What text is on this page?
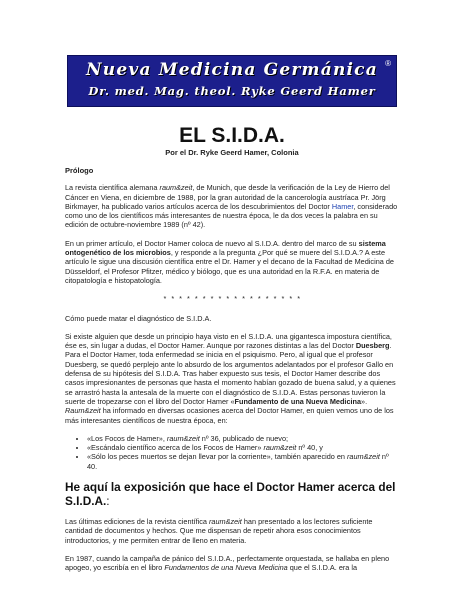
®
Nueva Medicina Germánica
Dr. med. Mag. theol. Ryke Geerd Hamer
EL S.I.D.A.
Por el Dr. Ryke Geerd Hamer, Colonia
Prólogo

La revista científica alemana raum&zeit, de Munich, que desde la verificación de la Ley de Hierro del Cáncer en Viena, en diciembre de 1988, por la gran autoridad de la cancerología austríaca Pr. Jörg Birkmayer, ha publicado varios artículos acerca de los descubrimientos del Doctor Hamer, considerado como uno de los científicos más interesantes de nuestra época, le da dos veces la palabra en su edición de octubre-noviembre 1989 (nº 42).

En un primer artículo, el Doctor Hamer coloca de nuevo al S.I.D.A. dentro del marco de su sistema ontogenético de los microbios, y responde a la pregunta ¿Por qué se muere del S.I.D.A.? A este artículo le sigue una discusión científica entre el Dr. Hamer y el decano de la Facultad de Medicina de Düsseldorf, el Profesor Pfitzer, médico y biólogo, que es una autoridad en la R.F.A. en materia de citopatología e histopatología.

* * * * * * * * * * * * * * * * * *

Cómo puede matar el diagnóstico de S.I.D.A.

Si existe alguien que desde un principio haya visto en el S.I.D.A. una gigantesca impostura científica, ése es, sin lugar a dudas, el Doctor Hamer. Aunque por razones distintas a las del Doctor Duesberg. Para el Doctor Hamer, toda enfermedad se inicia en el psiquismo. Pero, al igual que el profesor Duesberg, se quedó perplejo ante lo absurdo de los argumentos adelantados por el profesor Gallo en defensa de su hipótesis del S.I.D.A. Tras haber expuesto sus tesis, el Doctor Hamer describe dos casos impresionantes de personas que hasta el momento habían gozado de buena salud, y a quienes se arrastró hasta la antesala de la muerte con el diagnóstico de S.I.D.A. Estas personas tuvieron la suerte de tropezarse con el libro del Doctor Hamer «Fundamento de una Nueva Medicina». Raum&zeit ha informado en diversas ocasiones acerca del Doctor Hamer, en quien vemos uno de los más interesantes científicos de nuestra época, en:

• «Los Focos de Hamer», raum&zeit nº 36, publicado de nuevo;
• «Escándalo científico acerca de los Focos de Hamer» raum&zeit nº 40, y
• «Sólo los peces muertos se dejan llevar por la corriente», también aparecido en raum&zeit nº 40.
He aquí la exposición que hace el Doctor Hamer acerca del S.I.D.A.:

Las últimas ediciones de la revista científica raum&zeit han presentado a los lectores suficiente cantidad de documentos y hechos. Que me dispensan de repetir ahora esos conocimientos introductorios, y me permiten entrar de lleno en materia.

En 1987, cuando la campaña de pánico del S.I.D.A., perfectamente orquestada, se hallaba en pleno apogeo, yo escribía en el libro Fundamentos de una Nueva Medicina que el S.I.D.A. era la
